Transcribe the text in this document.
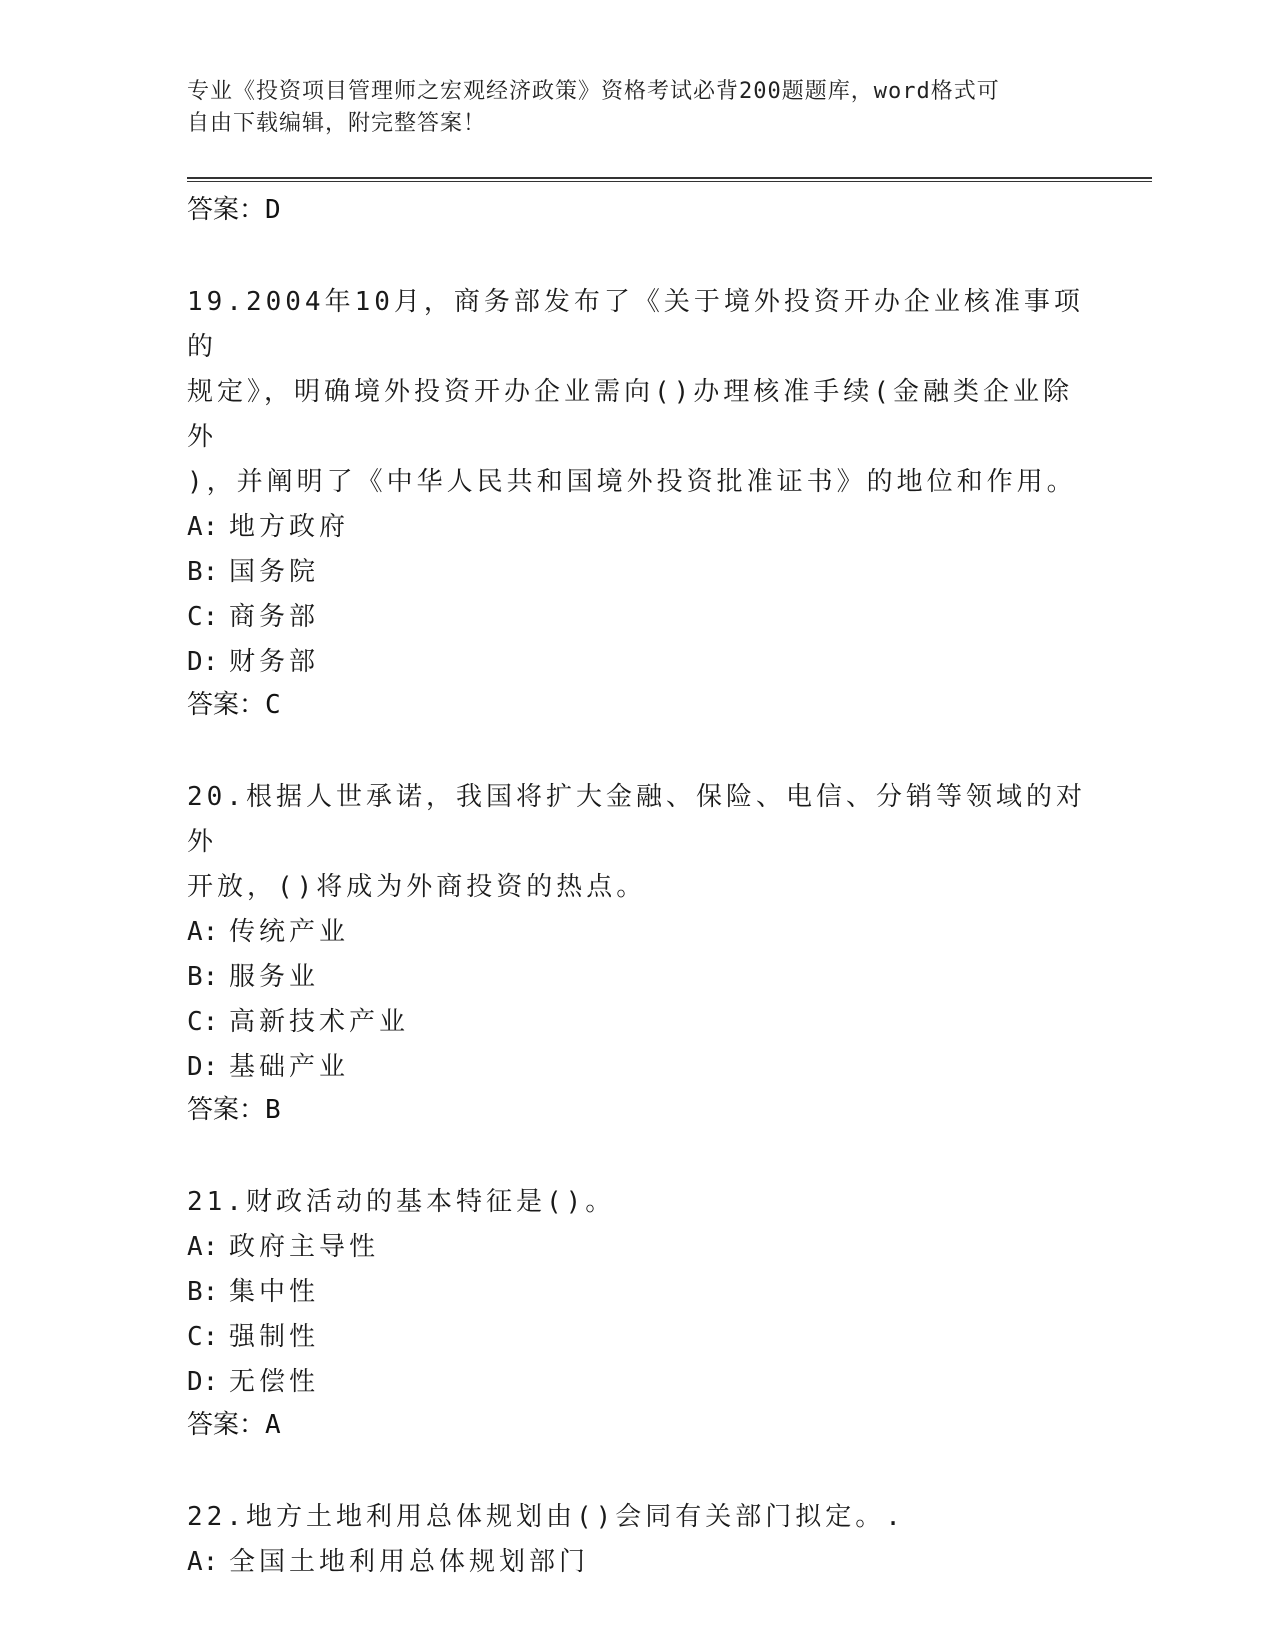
专业《投资项目管理师之宏观经济政策》资格考试必背200题题库，word格式可
自由下载编辑，附完整答案！
答案：D
19.2004年10月，商务部发布了《关于境外投资开办企业核准事项的
规定》，明确境外投资开办企业需向()办理核准手续(金融类企业除外
)，并阐明了《中华人民共和国境外投资批准证书》的地位和作用。
A: 地方政府
B: 国务院
C: 商务部
D: 财务部
答案：C
20.根据人世承诺，我国将扩大金融、保险、电信、分销等领域的对外
开放，()将成为外商投资的热点。
A: 传统产业
B: 服务业
C: 高新技术产业
D: 基础产业
答案：B
21.财政活动的基本特征是()。
A: 政府主导性
B: 集中性
C: 强制性
D: 无偿性
答案：A
22.地方土地利用总体规划由()会同有关部门拟定。.
A: 全国土地利用总体规划部门
